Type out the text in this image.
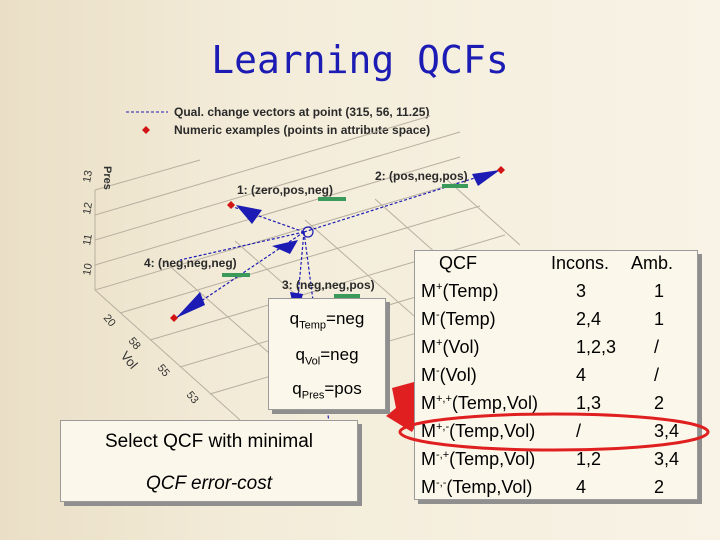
Learning QCFs
Qual. change vectors at point (315, 56, 11.25)
Numeric examples (points in attribute space)
10
11
12
13 Pres
20
58
55
53
Vol
1: (zero,pos,neg)
2: (pos,neg,pos)
3: (neg,neg,pos)
4: (neg,neg,neg)
$q_{Temp}=neg$
$q_{Vol}=neg$
$q_{Pres}=pos$
Select QCF with minimal
QCF error-cost
QCF	Incons. Amb.
M+(Temp)	3	1
M-(Temp)	2,4	1
M+(Vol)	1,2,3 /
M-(Vol)	4	/
M+,+(Temp,Vol) 1,3	2
M+,-(Temp,Vol) /	3,4
M-,+(Temp,Vol) 1,2	3,4
M-,-(Temp,Vol) 4	2
